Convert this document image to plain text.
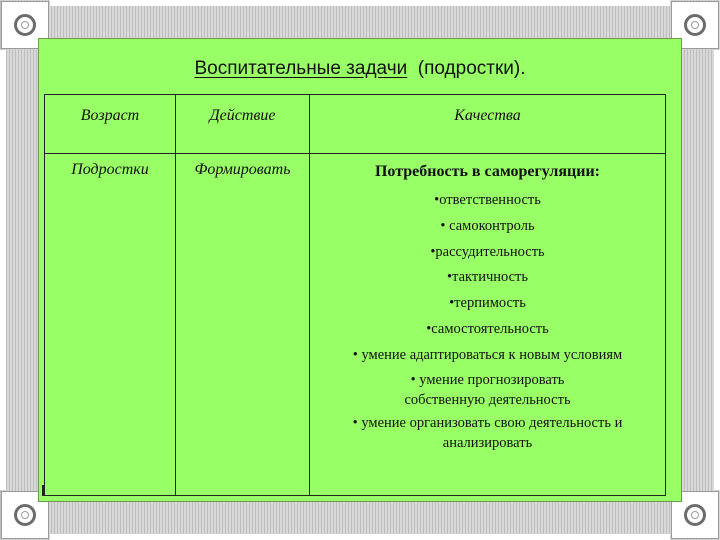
Воспитательные задачи  (подростки).
Возраст	Действие	Качества
Подростки	Формировать	Потребность в саморегуляции:
•ответственность
• самоконтроль
•рассудительность
•тактичность
•терпимость
•самостоятельность
• умение адаптироваться к новым условиям
• умение прогнозировать собственную деятельность
• умение организовать свою деятельность и анализировать
